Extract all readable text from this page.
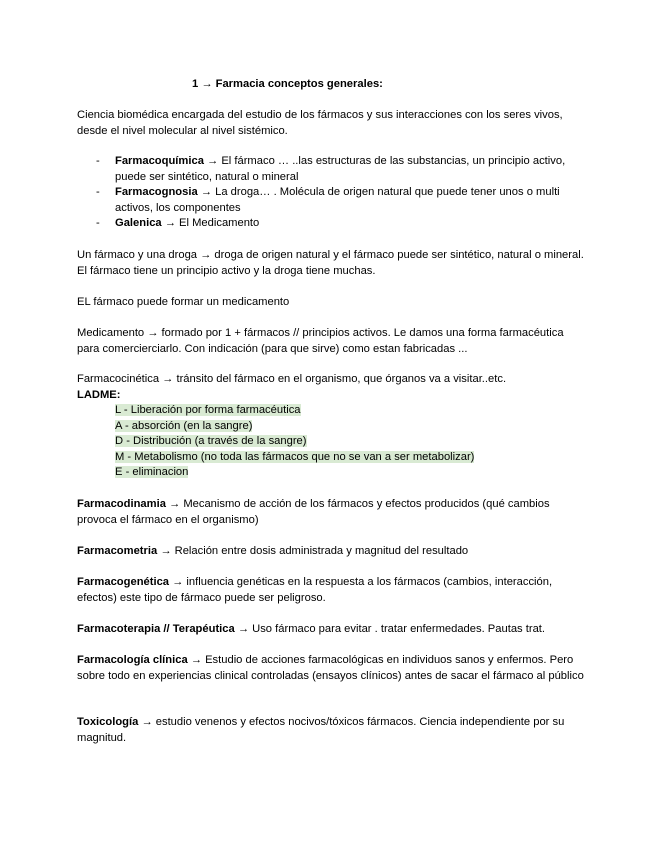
1 → Farmacia conceptos generales:
Ciencia biomédica encargada del estudio de los fármacos y sus interacciones con los seres vivos, desde el nivel molecular al nivel sistémico.
- Farmacoquímica → El fármaco … ..las estructuras de las substancias, un principio activo, puede ser sintético, natural o mineral
- Farmacognosia → La droga… . Molécula de origen natural que puede tener unos o multi activos, los componentes
- Galenica → El Medicamento
Un fármaco y una droga → droga de origen natural y el fármaco puede ser sintético, natural o mineral. El fármaco tiene un principio activo y la droga tiene muchas.
EL fármaco puede formar un medicamento
Medicamento → formado por 1 + fármacos // principios activos. Le damos una forma farmacéutica para comercierciarlo. Con indicación (para que sirve) como estan fabricadas ...
Farmacocinética → tránsito del fármaco en el organismo, que órganos va a visitar..etc.
LADME:
L - Liberación por forma farmacéutica
A - absorción (en la sangre)
D - Distribución (a través de la sangre)
M - Metabolismo (no toda las fármacos que no se van a ser metabolizar)
E - eliminacion
Farmacodinamia → Mecanismo de acción de los fármacos y efectos producidos (qué cambios provoca el fármaco en el organismo)
Farmacometria → Relación entre dosis administrada y magnitud del resultado
Farmacogenética → influencia genéticas en la respuesta a los fármacos (cambios, interacción, efectos) este tipo de fármaco puede ser peligroso.
Farmacoterapia // Terapéutica → Uso fármaco para evitar . tratar enfermedades. Pautas trat.
Farmacología clínica → Estudio de acciones farmacológicas en individuos sanos y enfermos. Pero sobre todo en experiencias clinical controladas (ensayos clínicos) antes de sacar el fármaco al público
Toxicología → estudio venenos y efectos nocivos/tóxicos fármacos. Ciencia independiente por su magnitud.
